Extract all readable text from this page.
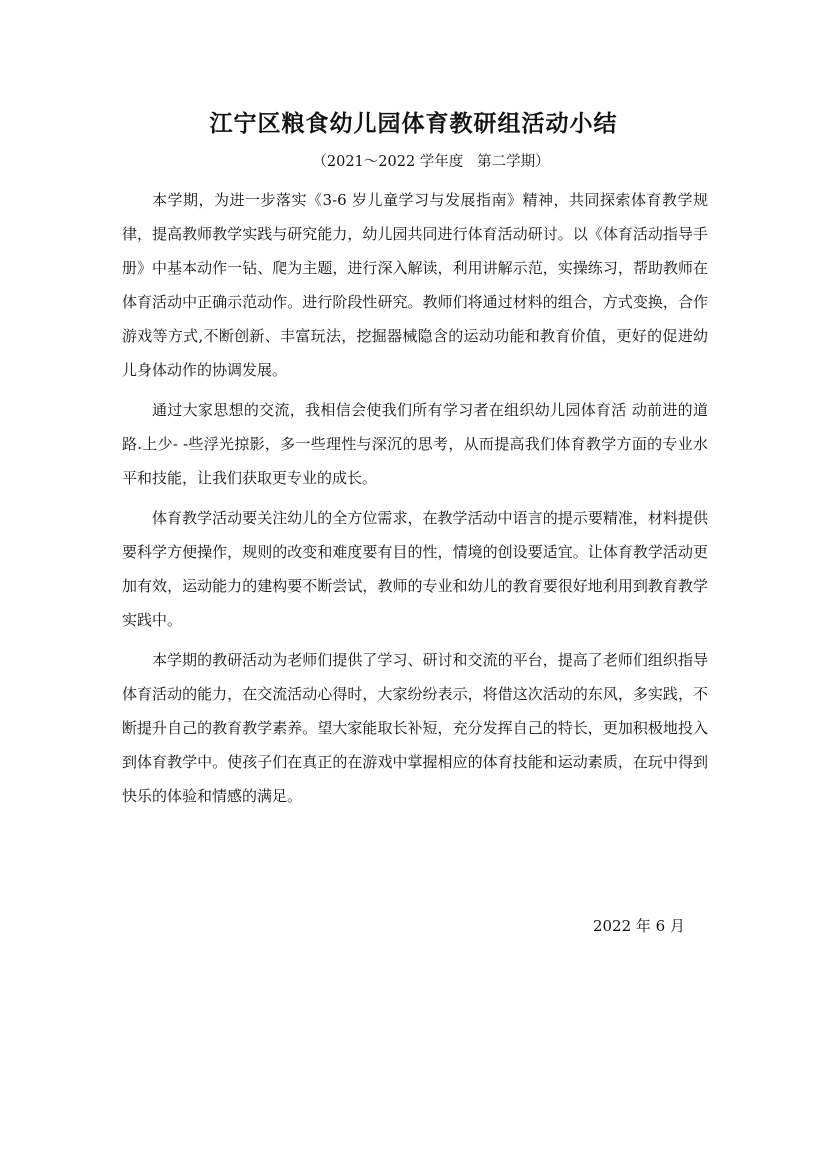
江宁区粮食幼儿园体育教研组活动小结
（2021～2022 学年度   第二学期）

本学期，为进一步落实《3-6 岁儿童学习与发展指南》精神，共同探索体育教学规律，提高教师教学实践与研究能力，幼儿园共同进行体育活动研讨。以《体育活动指导手册》中基本动作一钻、爬为主题，进行深入解读，利用讲解示范，实操练习，帮助教师在体育活动中正确示范动作。进行阶段性研究。教师们将通过材料的组合，方式变换，合作游戏等方式,不断创新、丰富玩法，挖掘器械隐含的运动功能和教育价值，更好的促进幼儿身体动作的协调发展。

通过大家思想的交流，我相信会使我们所有学习者在组织幼儿园体育活 动前进的道路.上少- -些浮光掠影，多一些理性与深沉的思考，从而提高我们体育教学方面的专业水平和技能，让我们获取更专业的成长。

体育教学活动要关注幼儿的全方位需求，在教学活动中语言的提示要精准，材料提供要科学方便操作，规则的改变和难度要有目的性，情境的创设要适宜。让体育教学活动更加有效，运动能力的建构要不断尝试，教师的专业和幼儿的教育要很好地利用到教育教学实践中。

本学期的教研活动为老师们提供了学习、研讨和交流的平台，提高了老师们组织指导体育活动的能力，在交流活动心得时，大家纷纷表示，将借这次活动的东风，多实践，不断提升自己的教育教学素养。望大家能取长补短，充分发挥自己的特长，更加积极地投入到体育教学中。使孩子们在真正的在游戏中掌握相应的体育技能和运动素质，在玩中得到快乐的体验和情感的满足。

2022 年 6 月
